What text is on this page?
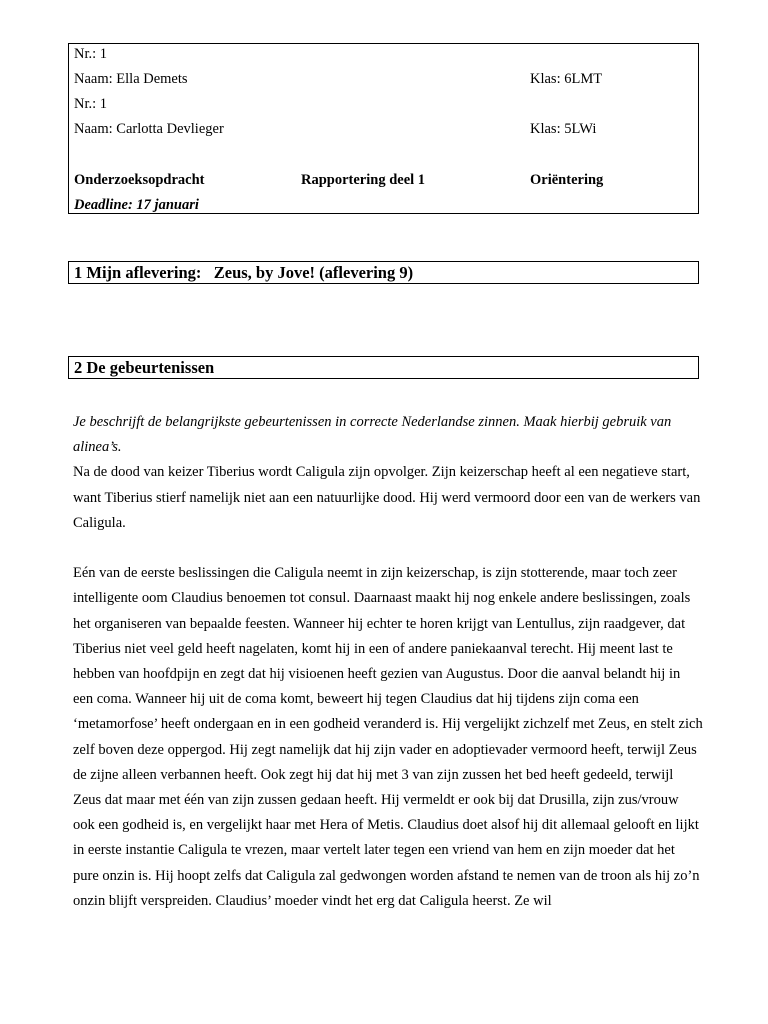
Nr.: 1
Naam: Ella Demets	Klas: 6LMT
Nr.: 1
Naam: Carlotta Devlieger	Klas: 5LWi
Onderzoeksopdracht	Rapportering deel 1	Oriëntering
Deadline: 17 januari
1 Mijn aflevering:   Zeus, by Jove! (aflevering 9)
2 De gebeurtenissen

Je beschrijft de belangrijkste gebeurtenissen in correcte Nederlandse zinnen. Maak hierbij gebruik van alinea’s.

Na de dood van keizer Tiberius wordt Caligula zijn opvolger. Zijn keizerschap heeft al een negatieve start, want Tiberius stierf namelijk niet aan een natuurlijke dood. Hij werd vermoord door een van de werkers van Caligula.

Eén van de eerste beslissingen die Caligula neemt in zijn keizerschap, is zijn stotterende, maar toch zeer intelligente oom Claudius benoemen tot consul. Daarnaast maakt hij nog enkele andere beslissingen, zoals het organiseren van bepaalde feesten. Wanneer hij echter te horen krijgt van Lentullus, zijn raadgever, dat Tiberius niet veel geld heeft nagelaten, komt hij in een of andere paniekaanval terecht. Hij meent last te hebben van hoofdpijn en zegt dat hij visioenen heeft gezien van Augustus. Door die aanval belandt hij in een coma. Wanneer hij uit de coma komt, beweert hij tegen Claudius dat hij tijdens zijn coma een ‘metamorfose’ heeft ondergaan en in een godheid veranderd is. Hij vergelijkt zichzelf met Zeus, en stelt zich zelf boven deze oppergod. Hij zegt namelijk dat hij zijn vader en adoptievader vermoord heeft, terwijl Zeus de zijne alleen verbannen heeft. Ook zegt hij dat hij met 3 van zijn zussen het bed heeft gedeeld, terwijl Zeus dat maar met één van zijn zussen gedaan heeft. Hij vermeldt er ook bij dat Drusilla, zijn zus/vrouw ook een godheid is, en vergelijkt haar met Hera of Metis. Claudius doet alsof hij dit allemaal gelooft en lijkt in eerste instantie Caligula te vrezen, maar vertelt later tegen een vriend van hem en zijn moeder dat het pure onzin is. Hij hoopt zelfs dat Caligula zal gedwongen worden afstand te nemen van de troon als hij zo’n onzin blijft verspreiden. Claudius’ moeder vindt het erg dat Caligula heerst. Ze wil
